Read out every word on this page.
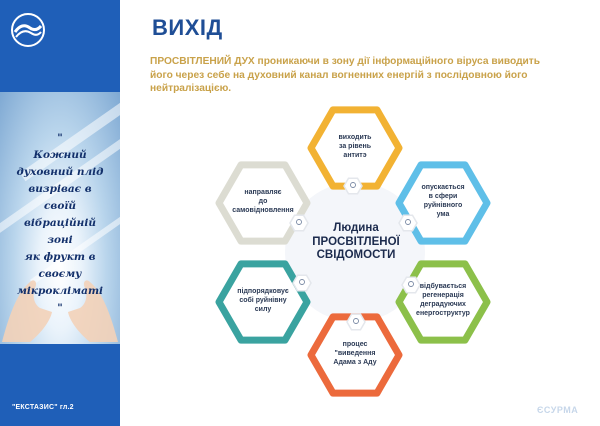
"
Кожний
духовний плід
визріває в
своїй
вібраційній
зоні
як фрукт в
своєму
мікрокліматі
"
"ЕКСТАЗИС" гл.2
ВИХІД
ПРОСВІТЛЕНИЙ ДУХ проникаючи в зону дії інформаційного віруса виводить його через себе на духовний канал вогненних енергій з послідовною його нейтралізацією.
виходить
за рівень
антитэ
опускається
в сфери
руйнівного
ума
відбувається
регенерація
деградуючих
енергоструктур
процес
"виведення
Адама з Аду
підпорядковує
собі руйнівну
силу
направляє
до
самовідновлення
Людина
ПРОСВІТЛЕНОЇ
СВІДОМОСТИ
ЄСУРМА
